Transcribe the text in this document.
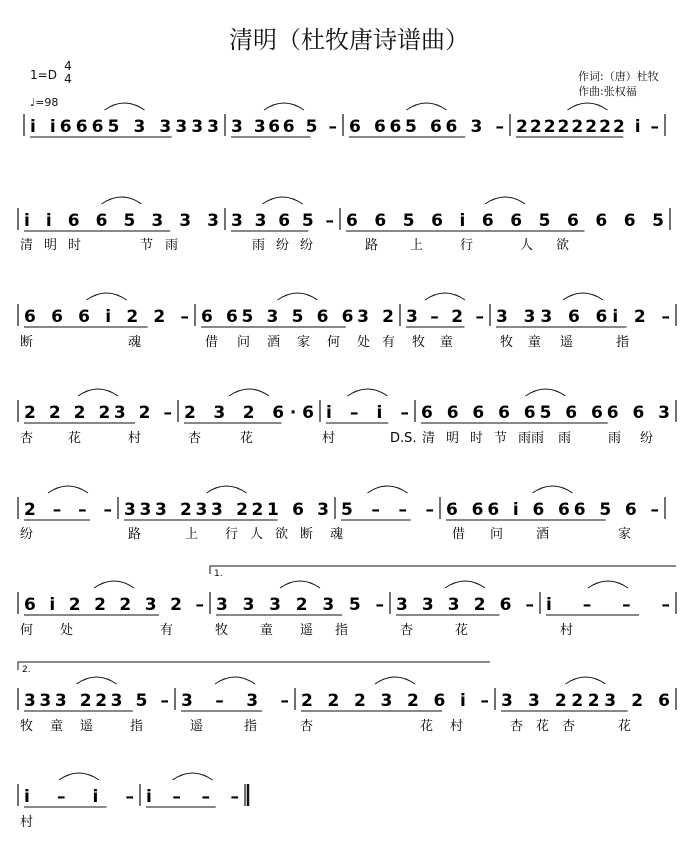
清明（杜牧唐诗谱曲）
1=D
4
4
♩=98
作词:（唐）杜牧
作曲:张权福
i i6665 3 3333 3 366 5 – 6 665 66 3 – 22222222 i –
i i 6 6 5 3 3 3 3 3 6 5 – 6 6 5 6 i 6 6 5 6 6 6 5
清 明 时	节 雨	雨 纷 纷	路 上	行	人 欲
6 6 6 i 2 2 – 6 65 3 5 6 63 2 3 – 2 – 3 33 6 6i 2 –
断	魂	借 问 酒 家 何 处 有 牧 童	牧 童 遥	指
2 2 2 23 2 – 2 3 2 6·6 i – i – 6 6 6 6 65 6 66 6 3
杏	花	村	杏	花	村	D.S. 清 明 时 节 雨雨 雨	雨 纷
2 – – – 333 233 221 6 3 5 – – – 6 66 i 6 66 5 6 –
纷	路	上 行 人 欲 断 魂	借 问	酒	家
6 i 2 2 2 3 2 – 3 3 3 2 3 5 – 3 3 3 2 6 – i – – –
何 处	有	牧 童 遥 指	杏	花	村
1.
333 223 5 – 3 – 3 – 2 2 2 3 2 6 i – 3 3 2223 2 6
牧 童 遥	指	遥	指	杏	花 村	杏 花 杏	花
2.
i – i – i – – –
村
